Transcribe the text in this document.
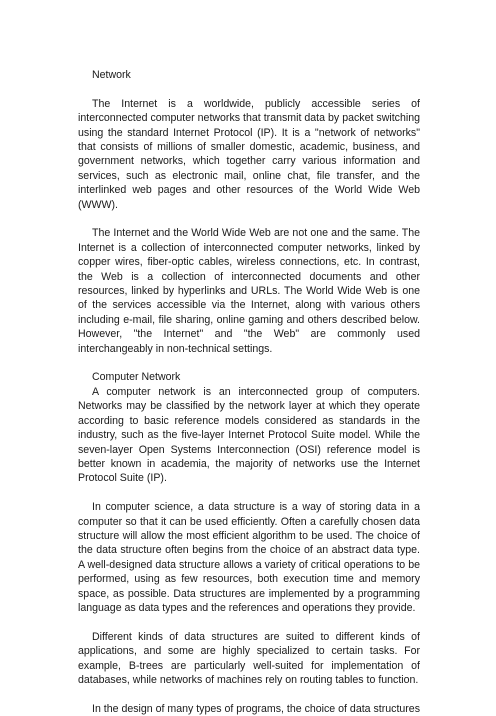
Network

The Internet is a worldwide, publicly accessible series of interconnected computer networks that transmit data by packet switching using the standard Internet Protocol (IP). It is a "network of networks" that consists of millions of smaller domestic, academic, business, and government networks, which together carry various information and services, such as electronic mail, online chat, file transfer, and the interlinked web pages and other resources of the World Wide Web (WWW).

The Internet and the World Wide Web are not one and the same. The Internet is a collection of interconnected computer networks, linked by copper wires, fiber-optic cables, wireless connections, etc. In contrast, the Web is a collection of interconnected documents and other resources, linked by hyperlinks and URLs. The World Wide Web is one of the services accessible via the Internet, along with various others including e-mail, file sharing, online gaming and others described below. However, "the Internet" and "the Web" are commonly used interchangeably in non-technical settings.

Computer Network

A computer network is an interconnected group of computers. Networks may be classified by the network layer at which they operate according to basic reference models considered as standards in the industry, such as the five-layer Internet Protocol Suite model. While the seven-layer Open Systems Interconnection (OSI) reference model is better known in academia, the majority of networks use the Internet Protocol Suite (IP).

In computer science, a data structure is a way of storing data in a computer so that it can be used efficiently. Often a carefully chosen data structure will allow the most efficient algorithm to be used. The choice of the data structure often begins from the choice of an abstract data type. A well-designed data structure allows a variety of critical operations to be performed, using as few resources, both execution time and memory space, as possible. Data structures are implemented by a programming language as data types and the references and operations they provide.

Different kinds of data structures are suited to different kinds of applications, and some are highly specialized to certain tasks. For example, B-trees are particularly well-suited for implementation of databases, while networks of machines rely on routing tables to function.

In the design of many types of programs, the choice of data structures
